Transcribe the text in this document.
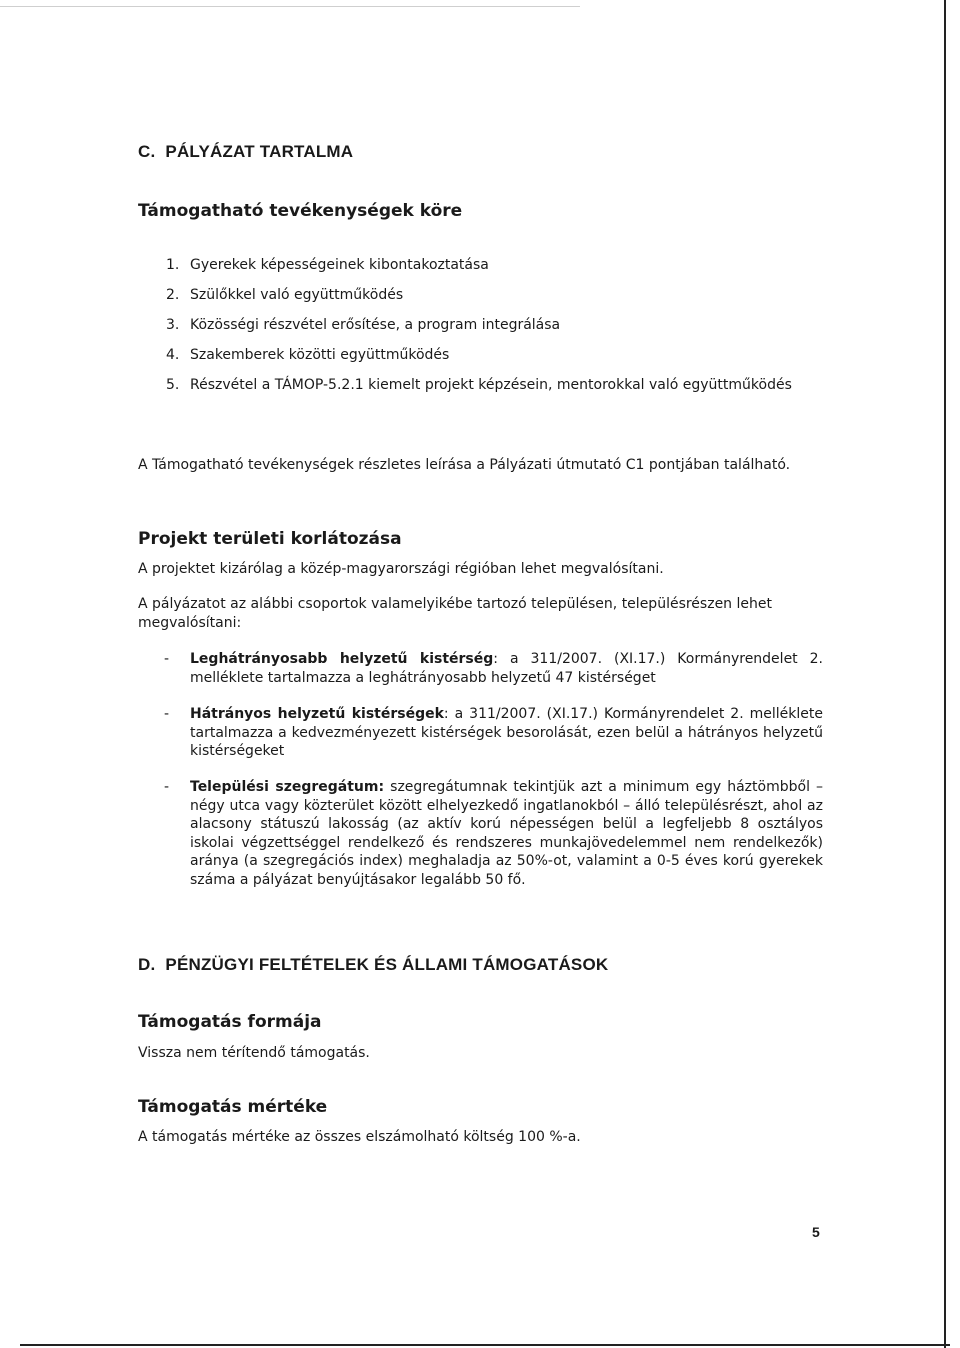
C. PÁLYÁZAT TARTALMA
Támogatható tevékenységek köre
1. Gyerekek képességeinek kibontakoztatása
2. Szülőkkel való együttműködés
3. Közösségi részvétel erősítése, a program integrálása
4. Szakemberek közötti együttműködés
5. Részvétel a TÁMOP-5.2.1 kiemelt projekt képzésein, mentorokkal való együttműködés

A Támogatható tevékenységek részletes leírása a Pályázati útmutató C1 pontjában található.

Projekt területi korlátozása

A projektet kizárólag a közép-magyarországi régióban lehet megvalósítani.

A pályázatot az alábbi csoportok valamelyikébe tartozó településen, településrészen lehet megvalósítani:

-	Leghátrányosabb helyzetű kistérség: a 311/2007. (XI.17.) Kormányrendelet 2. melléklete tartalmazza a leghátrányosabb helyzetű 47 kistérséget
-	Hátrányos helyzetű kistérségek: a 311/2007. (XI.17.) Kormányrendelet 2. melléklete tartalmazza a kedvezményezett kistérségek besorolását, ezen belül a hátrányos helyzetű kistérségeket
-	Települési szegregátum: szegregátumnak tekintjük azt a minimum egy háztömbből – négy utca vagy közterület között elhelyezkedő ingatlanokból – álló településrészt, ahol az alacsony státuszú lakosság (az aktív korú népességen belül a legfeljebb 8 osztályos iskolai végzettséggel rendelkező és rendszeres munkajövedelemmel nem rendelkezők) aránya (a szegregációs index) meghaladja az 50%-ot, valamint a 0-5 éves korú gyerekek száma a pályázat benyújtásakor legalább 50 fő.
D. PÉNZÜGYI FELTÉTELEK ÉS ÁLLAMI TÁMOGATÁSOK
Támogatás formája

Vissza nem térítendő támogatás.

Támogatás mértéke

A támogatás mértéke az összes elszámolható költség 100 %-a.

5
